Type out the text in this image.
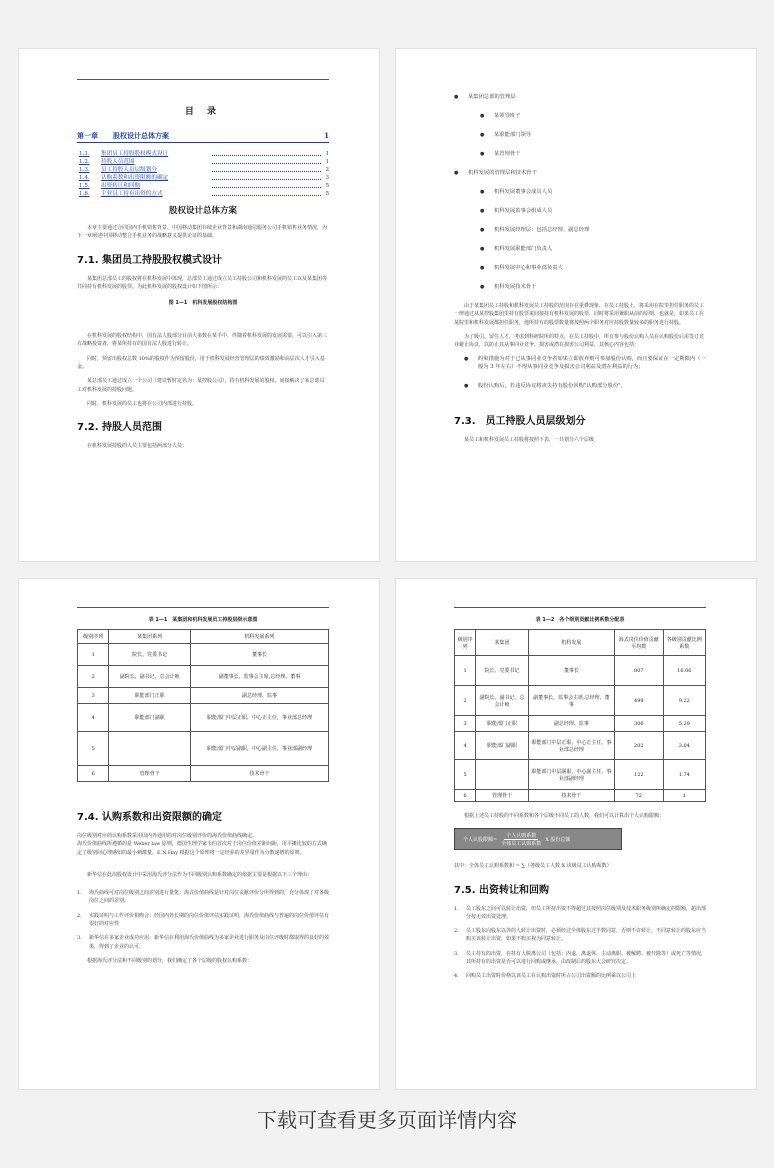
目 录
第一章	股权设计总体方案	1
1.1.	集团员工持股股权模式设计	1
1.2.	持股人员范围	1
1.3.	员工持股人员层级划分	2
1.4.	认购系数和出资限额的确定	3
1.5.	出资转让和回购	5
1.6.	主业员工持有出资的方式	5
股权设计总体方案

本章主要通过合同国内手机销售背景、中国移动集团存续企业背景和湖南通信服务公司手机销售业务情况，为下一章阐述中国移动整合手机业务的战略意义提供论证的基础。

7.1. 集团员工持股股权模式设计

某集团总部员工的股权将在机科发展中体现，总部员工通过成立员工持股公司和机科发展的员工以及某集团等共同持有机科发展的股票。为此机科发展的股权设计如下图所示：

图 1—1　机科发展股权结构图

在机科发展的股权结构中，国有法人股部分目前大多数在某手中，伴随着机科发展的发展需要，可以引入第三方战略投资者，将某所持有的国有法人股进行转让。

同时，预留出股权总数 10%的股权作为预留股份，用于机科发展经营管理层的绩效激励和高层次人才引入基金。

某总部员工通过成立一个公司（建议暂时定名为：某控股公司），持有机科发展的股权，间接解决了某总部员工对机科发展的持股问题。

同时，机科发展的员工也将在公司内部进行持股。

7.2. 持股人员范围

在机科发展持股的人员主要包括两部分人员：

● 某集团总部的管理层
● 某领导班子
● 某职能部门领导
● 某管理骨干
● 机科发展的管理层和技术骨干
● 机科发展董事会成员人员
● 机科发展监事会组成人员
● 机科发展经理层：包括总经理、副总经理
● 机科发展职能部门负责人
● 机科发展中心和事业部负责人
● 机科发展技术骨干

由于某集团员工持股和机科发展员工持股的范围存在重叠现象，在员工持股上，将采用在院里担任职务的员工一律通过从某控股集团里持有股票来间接持有机科发展的股票，同时将采用兼职从前的原则，也就是，如果员工在某院里和机科发展都担任职务，他所持有的股票数量将按照两个职务对应持股数量较多的职务进行持股。

为了吸引、留住人才，考虑到科研院所的特点，在员工持股中，所有参与股份认购人员在认购股份后需签订竞业避止协议，以防止其从事同业竞争，损害或潜在损害公司利益，其核心内容包括：

● 约束措施为对于已从事同业竞争者如果立即放弃则可参加股份认购，而且要保证在一定期限内（一般为 3 年左右）不得从事同业竞争及损害公司利益及潜在利益的行为；
● 股份认购后，若违反协议将丧失持有股份回购"认购部分股份"。
7.3.　员工持股人员层级划分

某员工和机科发展员工持股将按照下表，一共划分六个层级

表 1—1　某集团和机科发展员工持股层级示意图
级别序列	某集团系列	机科发展系列
1	院长、党委书记	董事长
2	副院长、副书记、总会计师	副董事长、监事会主席,总经理、董事
3	职能部门正职	副总经理、监事
4	职能部门副职	职能部门中层正职，中心正主任，事业部总经理
5		职能部门中层副职，中心副主任，事业部副经理
6	管理骨干	技术骨干
7.4. 认购系数和出资限额的确定

岗位级别对应的认购系数采用国内外通用的对岗位级别评价的海氏价值曲线确定。

海氏价值曲线所遵循的是 Weber law 原则，德国生理学家韦伯首次对于岗位价值差距间距，用平摊比较的方式确定了级别间心理感知的最小刺激量。E.N.Hay 根据这个原理将一定经验的差异量作为分数递增的原则。

新华信在此次股权设计中采用海氏评分法作为不同级别认购系数确定的依据主要是根据以下三个理由：

1.	海氏曲线可对岗位级别之间差别进行量化：海式价值曲线是针对岗位贡献评价分所得到的，充分体现了对各级岗位之间的差别。
2.	实践证明与工作评价相吻合：经国内外长期的岗位价值评估实践证明，海氏价值曲线与普遍的岗位价值评估有很好的对应性
3.	新华信在多家企业成功应用：新华信在利用海氏价值曲线为多家企业进行职务及岗位评级时都取得的良好的效果，得到了企业的认可。

根据海氏评分法和不同级别的划分，我们确定了各个层级的股权认购系数：

表 1—2　各个级别贡献比例系数分配表
级别序列	某集团	机科发展	海式岗位价值贡献平均数	各级别贡献比例系数
1	院长、党委书记	董事长	807	16.06
2	副院长、副书记、总会计师	副董事长、监事会主席,总经理、董事	499	9.22
3	职能部门正职	副总经理、监事	306	5.29
4	职能部门副职	职能部门中层正职，中心正主任、事业部总经理	202	3.04
5		职能部门中层副职，中心副主任、事业部副经理	122	1.74
6	管理骨干	技术骨干	72	1

根据上述员工持股的不同系数和各个层级不同员工的人数，我们可以计算出个人认购限额：

个人认股限额= $\frac{\text{个人认购系数}}{\text{全体员工认购系数}}$ X 股份总额

其中：全体员工认购系数和 = ∑（各级员工人数 X 该级员工认购系数）

7.5. 出资转让和回购
1.	员工股东之间可以转让出资，但员工所持出资不得超过其按照岗位级别及技术职务级别所确定的限额，超出部分按无效出资处理。
2.	员工股东向股东以外的人转让出资时，必须经过全体股东过半数同意，否则不许转让。不同意转让的股东应当购买该转让出资，如果不购买视为同意转让。
3.	员工持有的出资，在持有人脱离公司（包括：内退、离退休、主动离职、被解聘、被开除等）或死亡等情况，其所持有的出资是否可以进行回购或继承，由改制后的股东大会研究决定。
4.	回购员工出资时价格以该员工在认购出资时所占公司出资额的比例乘以公司上
下载可查看更多页面详情内容
